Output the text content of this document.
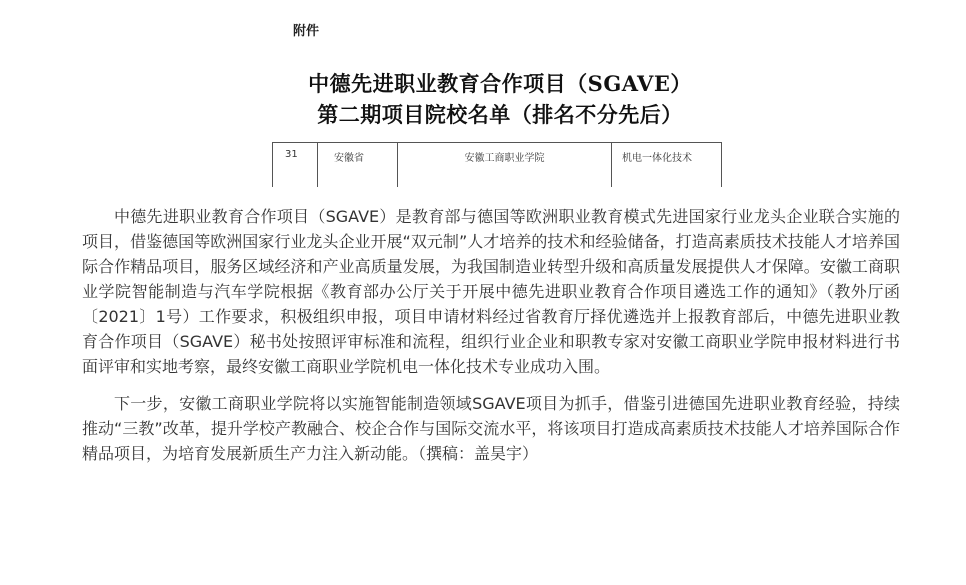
附件
中德先进职业教育合作项目（SGAVE）
第二期项目院校名单（排名不分先后）
31	安徽省	安徽工商职业学院	机电一体化技术

中德先进职业教育合作项目（SGAVE）是教育部与德国等欧洲职业教育模式先进国家行业龙头企业联合实施的项目，借鉴德国等欧洲国家行业龙头企业开展“双元制”人才培养的技术和经验储备，打造高素质技术技能人才培养国际合作精品项目，服务区域经济和产业高质量发展，为我国制造业转型升级和高质量发展提供人才保障。安徽工商职业学院智能制造与汽车学院根据《教育部办公厅关于开展中德先进职业教育合作项目遴选工作的通知》（教外厅函〔2021〕1号）工作要求，积极组织申报，项目申请材料经过省教育厅择优遴选并上报教育部后，中德先进职业教育合作项目（SGAVE）秘书处按照评审标准和流程，组织行业企业和职教专家对安徽工商职业学院申报材料进行书面评审和实地考察，最终安徽工商职业学院机电一体化技术专业成功入围。

下一步，安徽工商职业学院将以实施智能制造领域SGAVE项目为抓手，借鉴引进德国先进职业教育经验，持续推动“三教”改革，提升学校产教融合、校企合作与国际交流水平，将该项目打造成高素质技术技能人才培养国际合作精品项目，为培育发展新质生产力注入新动能。（撰稿：盖昊宇）
